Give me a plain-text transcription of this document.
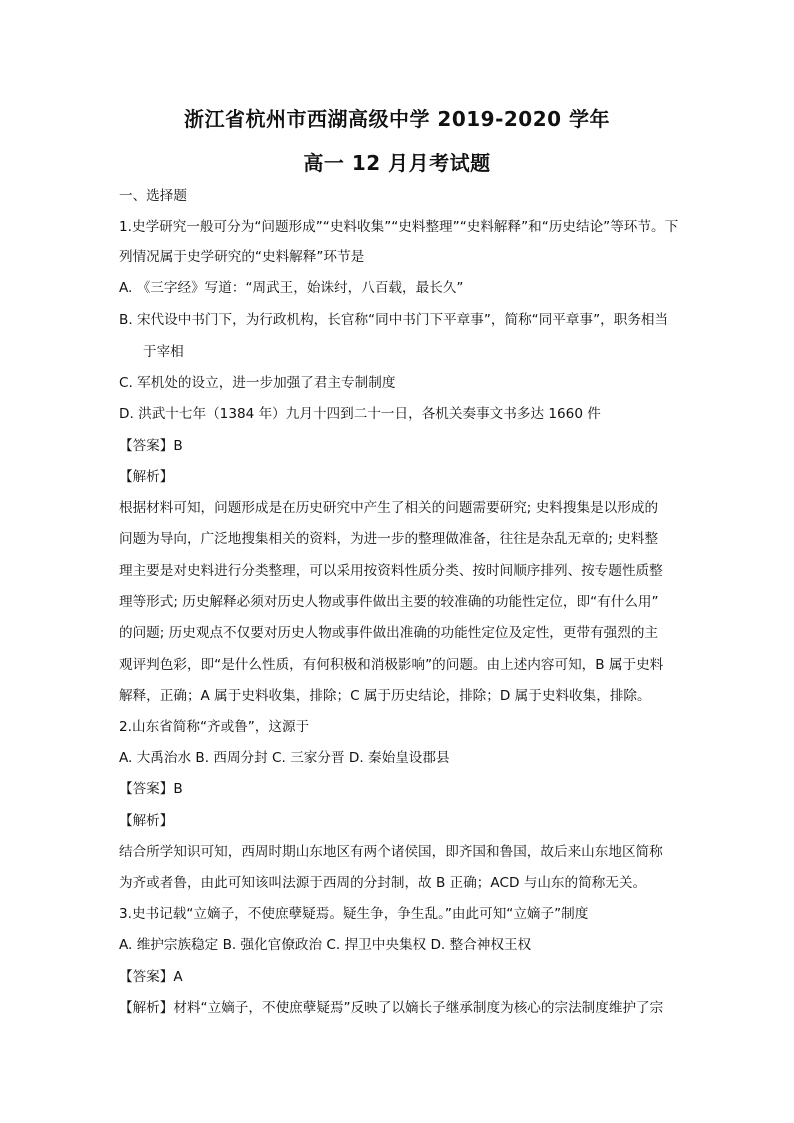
浙江省杭州市西湖高级中学 2019-2020 学年
高一 12 月月考试题
一、选择题
1.史学研究一般可分为“问题形成”“史料收集”“史料整理”“史料解释”和“历史结论”等环节。下
列情况属于史学研究的“史料解释”环节是
A. 《三字经》写道：“周武王，始诛纣，八百载，最长久”
B. 宋代设中书门下，为行政机构，长官称“同中书门下平章事”，简称“同平章事”，职务相当
于宰相
C. 军机处的设立，进一步加强了君主专制制度
D. 洪武十七年（1384 年）九月十四到二十一日，各机关奏事文书多达 1660 件
【答案】B
【解析】
根据材料可知，问题形成是在历史研究中产生了相关的问题需要研究; 史料搜集是以形成的
问题为导向，广泛地搜集相关的资料，为进一步的整理做准备，往往是杂乱无章的; 史料整
理主要是对史料进行分类整理，可以采用按资料性质分类、按时间顺序排列、按专题性质整
理等形式; 历史解释必须对历史人物或事件做出主要的较准确的功能性定位，即“有什么用”
的问题; 历史观点不仅要对历史人物或事件做出准确的功能性定位及定性，更带有强烈的主
观评判色彩，即“是什么性质，有何积极和消极影响”的问题。由上述内容可知，B 属于史料
解释，正确；A 属于史料收集，排除；C 属于历史结论，排除；D 属于史料收集，排除。
2.山东省简称“齐或鲁”，这源于
A. 大禹治水 B. 西周分封 C. 三家分晋 D. 秦始皇设郡县
【答案】B
【解析】
结合所学知识可知，西周时期山东地区有两个诸侯国，即齐国和鲁国，故后来山东地区简称
为齐或者鲁，由此可知该叫法源于西周的分封制，故 B 正确；ACD 与山东的简称无关。
3.史书记载“立嫡子，不使庶孽疑焉。疑生争，争生乱。”由此可知“立嫡子”制度
A. 维护宗族稳定 B. 强化官僚政治 C. 捍卫中央集权 D. 整合神权王权
【答案】A
【解析】材料“立嫡子，不使庶孽疑焉”反映了以嫡长子继承制度为核心的宗法制度维护了宗
